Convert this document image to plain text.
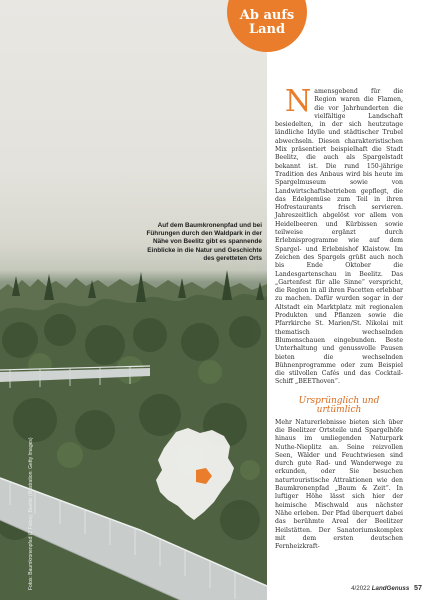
Auf dem Baumkronenpfad und bei Führungen durch den Waldpark in der Nähe von Beelitz gibt es spannende Einblicke in die Natur und Geschichte des geretteten Orts
Fotos: Baumkronenpfad (2 Fotos); Beelitz (Illustration: Getty Images)
Ab aufs
Land

Namensgebend für die Region waren die Flamen, die vor Jahrhunderten die vielfältige Landschaft besiedelten, in der sich heutzutage ländliche Idylle und städtischer Trubel abwechseln. Diesen charakteristischen Mix präsentiert beispielhaft die Stadt Beelitz, die auch als Spargelstadt bekannt ist. Die rund 150-jährige Tradition des Anbaus wird bis heute im Spargelmuseum sowie von Landwirtschaftsbetrieben gepflegt, die das Edelgemüse zum Teil in ihren Hofrestaurants frisch servieren. Jahreszeitlich abgelöst vor allem von Heidelbeeren und Kürbissen sowie teilweise ergänzt durch Erlebnisprogramme wie auf dem Spargel- und Erlebnishof Klaistow. Im Zeichen des Spargels grüßt auch noch bis Ende Oktober die Landesgartenschau in Beelitz. Das „Gartenfest für alle Sinne“ verspricht, die Region in all ihren Facetten erlebbar zu machen. Dafür wurden sogar in der Altstadt ein Marktplatz mit regionalen Produkten und Pflanzen sowie die Pfarrkirche St. Marien/St. Nikolai mit thematisch wechselnden Blumenschauen eingebunden. Beste Unterhaltung und genussvolle Pausen bieten die wechselnden Bühnenprogramme oder zum Beispiel die stilvollen Cafés und das Cocktail-Schiff „BEEThoven“.

Ursprünglich und
urtümlich

Mehr Naturerlebnisse bieten sich über die Beelitzer Ortsteile und Spargelhöfe hinaus im umliegenden Naturpark Nuthe-Nieplitz an. Seine reizvollen Seen, Wälder und Feuchtwiesen sind durch gute Rad- und Wanderwege zu erkunden, oder Sie besuchen naturtouristische Attraktionen wie den Baumkronenpfad „Baum & Zeit“. In luftiger Höhe lässt sich hier der heimische Mischwald aus nächster Nähe erleben. Der Pfad überquert dabei das berühmte Areal der Beelitzer Heilstätten. Der Sanatoriumskomplex mit dem ersten deutschen Fernheizkraft-

4/2022 LandGenuss 57
